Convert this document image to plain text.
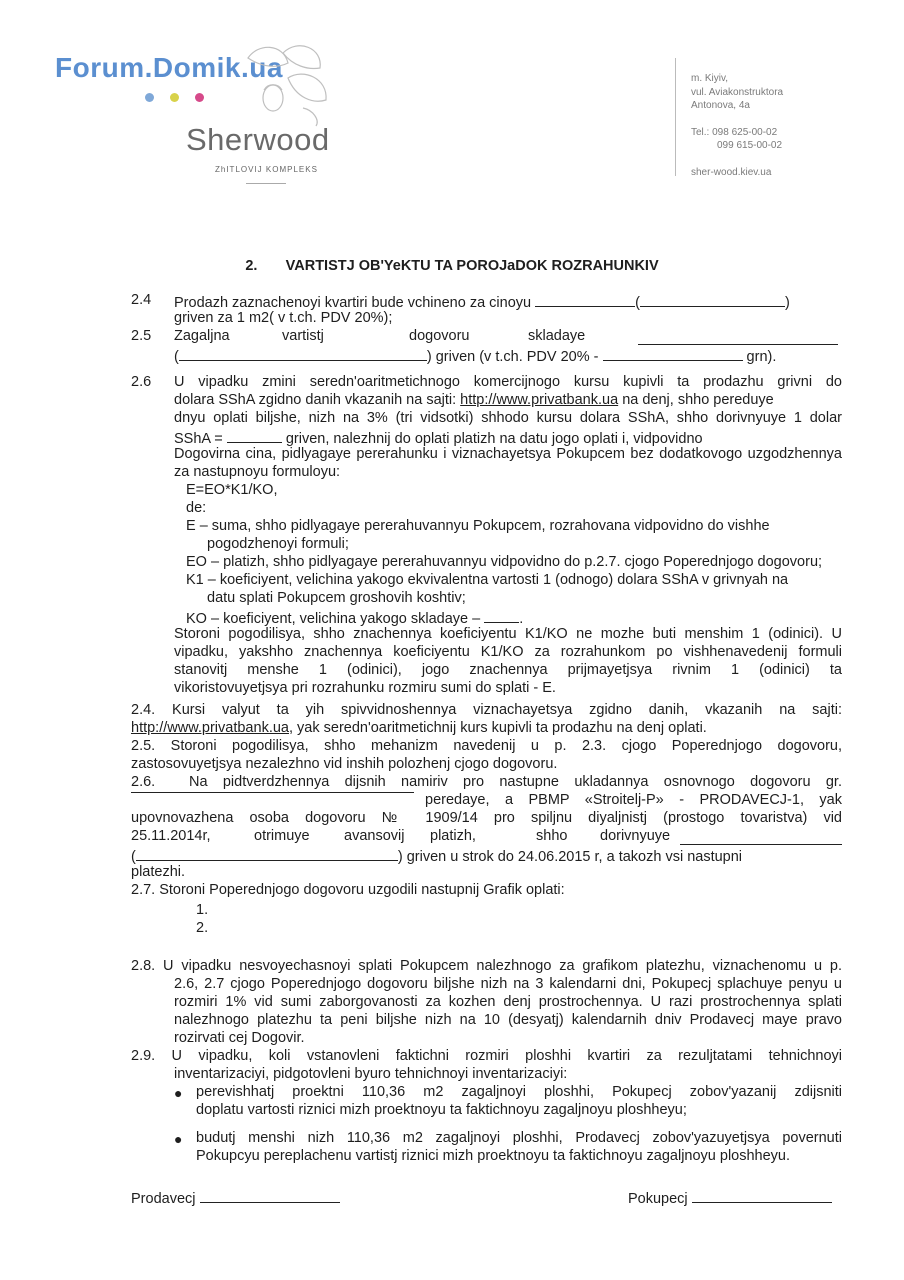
Forum.Domik.ua
Sherwood
ZhITLOVIJ KOMPLEKS
m. Kiyiv,
vul. Aviakonstruktora
Antonova, 4a
Tel.: 098 625-00-02
099 615-00-02
sher-wood.kiev.ua
2. VARTISTJ OB'YeKTU TA POROJaDOK ROZRAHUNKIV
2.4 Prodazh zaznachenoyi kvartiri bude vchineno za cinoyu	(	)
griven za 1 m2( v t.ch. PDV 20%);
2.5 Zagaljna	vartistj	dogovoru	skladaye
(	) griven (v t.ch. PDV 20% -	grn).
2.6 U vipadku zmini seredn'oaritmetichnogo komercijnogo kursu kupivli ta prodazhu grivni do
dolara SShA zgidno danih vkazanih na sajti: http://www.privatbank.ua na denj, shho pereduye
dnyu oplati biljshe, nizh na 3% (tri vidsotki) shhodo kursu dolara SShA, shho dorivnyuye 1 dolar
SShA =	griven, nalezhnij do oplati platizh na datu jogo oplati i, vidpovidno
Dogovirna cina, pidlyagaye pererahunku i viznachayetsya Pokupcem bez dodatkovogo uzgodzhennya
za nastupnoyu formuloyu:
E=EO*K1/KO,
de:
E – suma, shho pidlyagaye pererahuvannyu Pokupcem, rozrahovana vidpovidno do vishhe
pogodzhenoyi formuli;
EO – platizh, shho pidlyagaye pererahuvannyu vidpovidno do p.2.7. cjogo Poperednjogo dogovoru;
K1 – koeficiyent, velichina yakogo ekvivalentna vartosti 1 (odnogo) dolara SShA v grivnyah na
datu splati Pokupcem groshovih koshtiv;
KO – koeficiyent, velichina yakogo skladaye –	.
Storoni pogodilisya, shho znachennya koeficiyentu K1/KO ne mozhe buti menshim 1 (odinici). U
vipadku, yakshho znachennya koeficiyentu K1/KO za rozrahunkom po vishhenavedenij formuli
stanovitj menshe 1 (odinici), jogo znachennya prijmayetjsya rivnim 1 (odinici) ta
vikoristovuyetjsya pri rozrahunku rozmiru sumi do splati - E.
2.4. Kursi valyut ta yih spivvidnoshennya viznachayetsya zgidno danih, vkazanih na sajti:
http://www.privatbank.ua, yak seredn'oaritmetichnij kurs kupivli ta prodazhu na denj oplati.
2.5. Storoni pogodilisya, shho mehanizm navedenij u p. 2.3. cjogo Poperednjogo dogovoru,
zastosovuyetjsya nezalezhno vid inshih polozhenj cjogo dogovoru.
2.6. Na pidtverdzhennya dijsnih namiriv pro nastupne ukladannya osnovnogo dogovoru gr.
peredaye, a PBMP «Stroitelj-P» - PRODAVECJ-1, yak
upovnovazhena osoba dogovoru № 1909/14 pro spiljnu diyaljnistj (prostogo tovaristva) vid
25.11.2014r,	otrimuye avansovij platizh,	shho dorivnyuye
(	) griven u strok do 24.06.2015 r, a takozh vsi nastupni
platezhi.
2.7. Storoni Poperednjogo dogovoru uzgodili nastupnij Grafik oplati:
1.
2.
2.8. U vipadku nesvoyechasnoyi splati Pokupcem nalezhnogo za grafikom platezhu, viznachenomu u p.
2.6, 2.7 cjogo Poperednjogo dogovoru biljshe nizh na 3 kalendarni dni, Pokupecj splachuye penyu u
rozmiri 1% vid sumi zaborgovanosti za kozhen denj prostrochennya. U razi prostrochennya splati
nalezhnogo platezhu ta peni biljshe nizh na 10 (desyatj) kalendarnih dniv Prodavecj maye pravo
rozirvati cej Dogovir.
2.9. U vipadku, koli vstanovleni faktichni rozmiri ploshhi kvartiri za rezuljtatami tehnichnoyi
inventarizaciyi, pidgotovleni byuro tehnichnoyi inventarizaciyi:
● perevishhatj proektni 110,36 m2 zagaljnoyi ploshhi, Pokupecj zobov'yazanij zdijsniti
doplatu vartosti riznici mizh proektnoyu ta faktichnoyu zagaljnoyu ploshheyu;
● budutj menshi nizh 110,36 m2 zagaljnoyi ploshhi, Prodavecj zobov'yazuyetjsya povernuti
Pokupcyu pereplachenu vartistj riznici mizh proektnoyu ta faktichnoyu zagaljnoyu ploshheyu.
Prodavecj	Pokupecj
